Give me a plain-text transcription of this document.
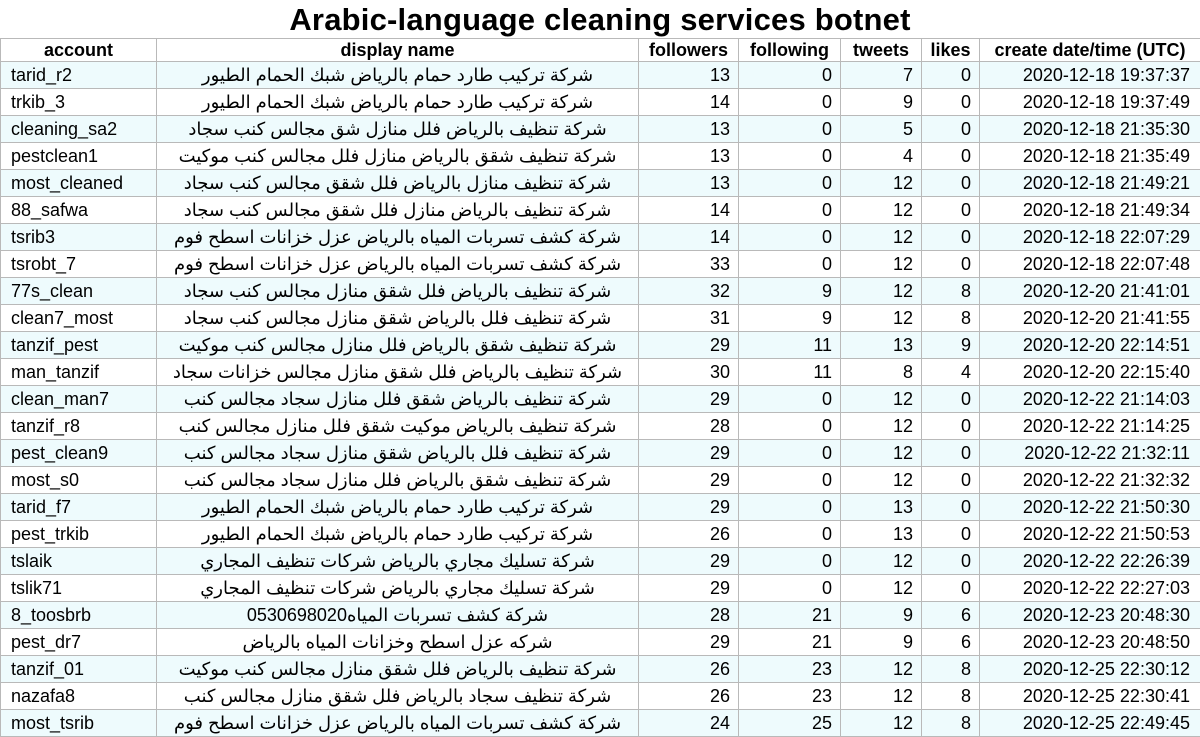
Arabic-language cleaning services botnet
account	display name	followers	following	tweets	likes	create date/time (UTC)
tarid_r2	شركة تركيب طارد حمام بالرياض شبك الحمام الطيور	13	0	7	0	2020-12-18 19:37:37
trkib_3	شركة تركيب طارد حمام بالرياض شبك الحمام الطيور	14	0	9	0	2020-12-18 19:37:49
cleaning_sa2	شركة تنظيف بالرياض فلل منازل شق مجالس كنب سجاد	13	0	5	0	2020-12-18 21:35:30
pestclean1	شركة تنظيف شقق بالرياض منازل فلل مجالس كنب موكيت	13	0	4	0	2020-12-18 21:35:49
most_cleaned	شركة تنظيف منازل بالرياض فلل شقق مجالس كنب سجاد	13	0	12	0	2020-12-18 21:49:21
88_safwa	شركة تنظيف بالرياض منازل فلل شقق مجالس كنب سجاد	14	0	12	0	2020-12-18 21:49:34
tsrib3	شركة كشف تسربات المياه بالرياض عزل خزانات اسطح فوم	14	0	12	0	2020-12-18 22:07:29
tsrobt_7	شركة كشف تسربات المياه بالرياض عزل خزانات اسطح فوم	33	0	12	0	2020-12-18 22:07:48
77s_clean	شركة تنظيف بالرياض فلل شقق منازل مجالس كنب سجاد	32	9	12	8	2020-12-20 21:41:01
clean7_most	شركة تنظيف فلل بالرياض شقق منازل مجالس كنب سجاد	31	9	12	8	2020-12-20 21:41:55
tanzif_pest	شركة تنظيف شقق بالرياض فلل منازل مجالس كنب موكيت	29	11	13	9	2020-12-20 22:14:51
man_tanzif	شركة تنظيف بالرياض فلل شقق منازل مجالس خزانات سجاد	30	11	8	4	2020-12-20 22:15:40
clean_man7	شركة تنظيف بالرياض شقق فلل منازل سجاد مجالس كنب	29	0	12	0	2020-12-22 21:14:03
tanzif_r8	شركة تنظيف بالرياض موكيت شقق فلل منازل مجالس كنب	28	0	12	0	2020-12-22 21:14:25
pest_clean9	شركة تنظيف فلل بالرياض شقق منازل سجاد مجالس كنب	29	0	12	0	2020-12-22 21:32:11
most_s0	شركة تنظيف شقق بالرياض فلل منازل سجاد مجالس كنب	29	0	12	0	2020-12-22 21:32:32
tarid_f7	شركة تركيب طارد حمام بالرياض شبك الحمام الطيور	29	0	13	0	2020-12-22 21:50:30
pest_trkib	شركة تركيب طارد حمام بالرياض شبك الحمام الطيور	26	0	13	0	2020-12-22 21:50:53
tslaik	شركة تسليك مجاري بالرياض شركات تنظيف المجاري	29	0	12	0	2020-12-22 22:26:39
tslik71	شركة تسليك مجاري بالرياض شركات تنظيف المجاري	29	0	12	0	2020-12-22 22:27:03
8_toosbrb	شركة كشف تسربات المياه0530698020	28	21	9	6	2020-12-23 20:48:30
pest_dr7	شركه عزل اسطح وخزانات المياه بالرياض	29	21	9	6	2020-12-23 20:48:50
tanzif_01	شركة تنظيف بالرياض فلل شقق منازل مجالس كنب موكيت	26	23	12	8	2020-12-25 22:30:12
nazafa8	شركة تنظيف سجاد بالرياض فلل شقق منازل مجالس كنب	26	23	12	8	2020-12-25 22:30:41
most_tsrib	شركة كشف تسربات المياه بالرياض عزل خزانات اسطح فوم	24	25	12	8	2020-12-25 22:49:45
